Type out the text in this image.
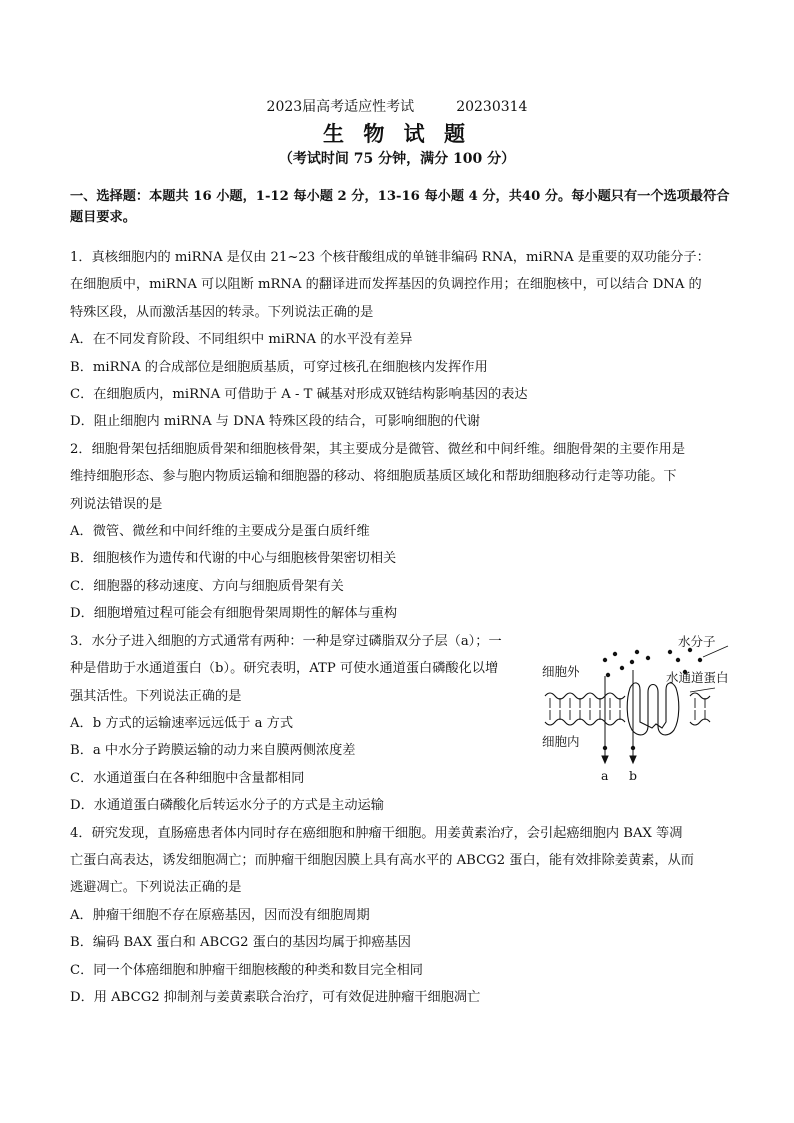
2023届高考适应性考试	20230314
生 物 试 题
（考试时间 75 分钟，满分 100 分）
一、选择题：本题共 16 小题，1-12 每小题 2 分，13-16 每小题 4 分，共40 分。每小题只有一个选项最符合题目要求。

1．真核细胞内的 miRNA 是仅由 21~23 个核苷酸组成的单链非编码 RNA，miRNA 是重要的双功能分子：

在细胞质中，miRNA 可以阻断 mRNA 的翻译进而发挥基因的负调控作用；在细胞核中，可以结合 DNA 的

特殊区段，从而激活基因的转录。下列说法正确的是

A．在不同发育阶段、不同组织中 miRNA 的水平没有差异

B．miRNA 的合成部位是细胞质基质，可穿过核孔在细胞核内发挥作用

C．在细胞质内，miRNA 可借助于 A - T 碱基对形成双链结构影响基因的表达

D．阻止细胞内 miRNA 与 DNA 特殊区段的结合，可影响细胞的代谢

2．细胞骨架包括细胞质骨架和细胞核骨架，其主要成分是微管、微丝和中间纤维。细胞骨架的主要作用是

维持细胞形态、参与胞内物质运输和细胞器的移动、将细胞质基质区域化和帮助细胞移动行走等功能。下

列说法错误的是

A．微管、微丝和中间纤维的主要成分是蛋白质纤维

B．细胞核作为遗传和代谢的中心与细胞核骨架密切相关

C．细胞器的移动速度、方向与细胞质骨架有关

D．细胞增殖过程可能会有细胞骨架周期性的解体与重构

3．水分子进入细胞的方式通常有两种：一种是穿过磷脂双分子层（a）；一

种是借助于水通道蛋白（b）。研究表明，ATP 可使水通道蛋白磷酸化以增

强其活性。下列说法正确的是

A．b 方式的运输速率远远低于 a 方式

B．a 中水分子跨膜运输的动力来自膜两侧浓度差

C．水通道蛋白在各种细胞中含量都相同

D．水通道蛋白磷酸化后转运水分子的方式是主动运输

4．研究发现，直肠癌患者体内同时存在癌细胞和肿瘤干细胞。用姜黄素治疗，会引起癌细胞内 BAX 等凋

亡蛋白高表达，诱发细胞凋亡；而肿瘤干细胞因膜上具有高水平的 ABCG2 蛋白，能有效排除姜黄素，从而

逃避凋亡。下列说法正确的是

A．肿瘤干细胞不存在原癌基因，因而没有细胞周期

B．编码 BAX 蛋白和 ABCG2 蛋白的基因均属于抑癌基因

C．同一个体癌细胞和肿瘤干细胞核酸的种类和数目完全相同

D．用 ABCG2 抑制剂与姜黄素联合治疗，可有效促进肿瘤干细胞凋亡

水分子
细胞外	水通道蛋白
细胞内
a b
